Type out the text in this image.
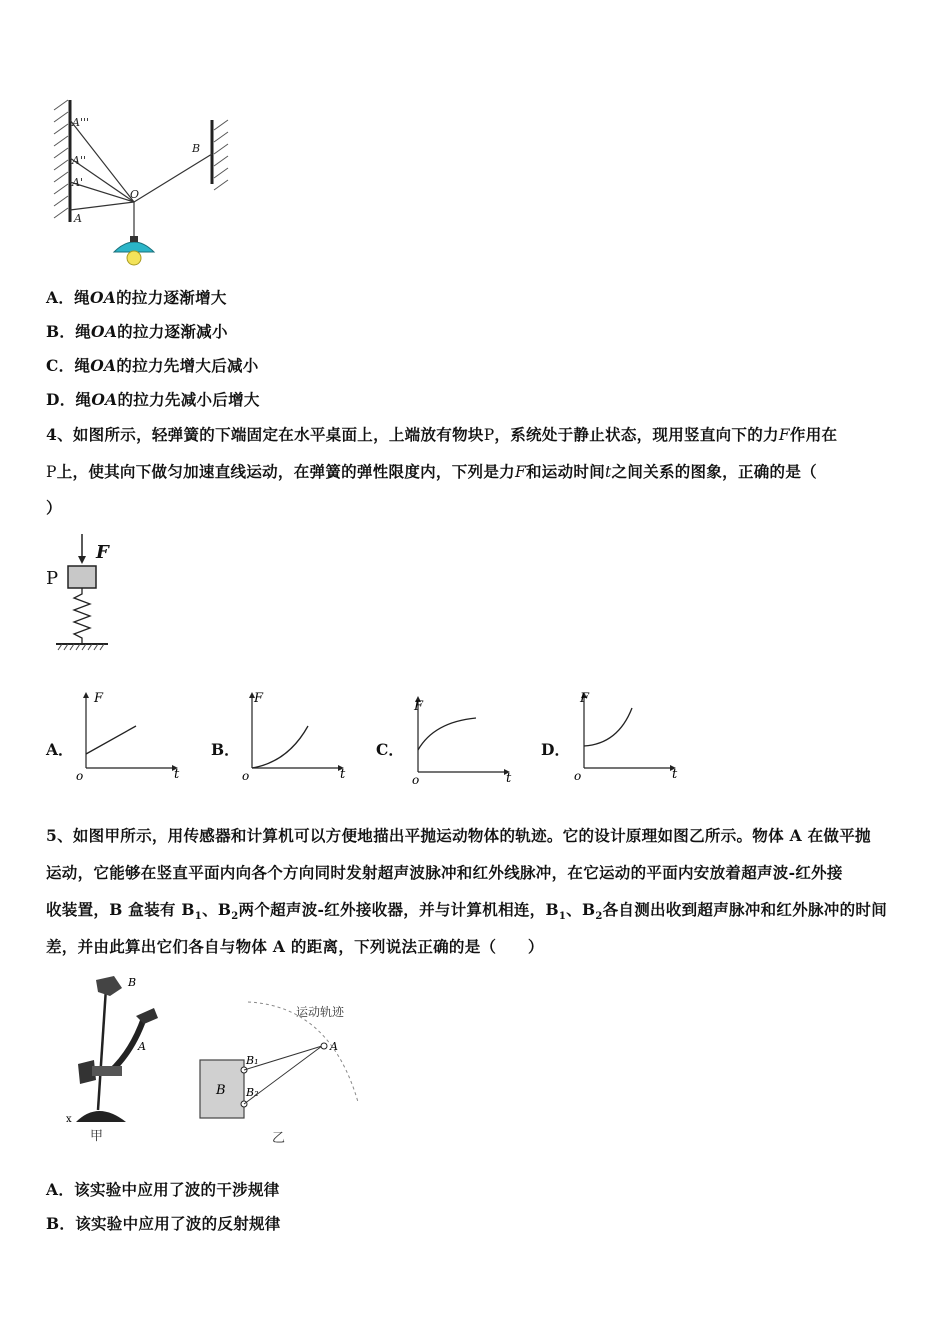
A'''
A''
A'
A
O
B
A．绳OA的拉力逐渐增大
B．绳OA的拉力逐渐减小
C．绳OA的拉力先增大后减小
D．绳OA的拉力先减小后增大
4、如图所示，轻弹簧的下端固定在水平桌面上，上端放有物块P，系统处于静止状态，现用竖直向下的力F作用在
P上，使其向下做匀加速直线运动，在弹簧的弹性限度内，下列是力F和运动时间t之间关系的图象，正确的是（
）
P
F
A．
F
t
o
B．
F
t
o
C．
F
t
o
D．
F
t
o
5、如图甲所示，用传感器和计算机可以方便地描出平抛运动物体的轨迹。它的设计原理如图乙所示。物体 A 在做平抛
运动，它能够在竖直平面内向各个方向同时发射超声波脉冲和红外线脉冲，在它运动的平面内安放着超声波-红外接
收装置，B 盒装有 $B_1$、$B_2$两个超声波-红外接收器，并与计算机相连，$B_1$、$B_2$各自测出收到超声脉冲和红外脉冲的时间
差，并由此算出它们各自与物体 A 的距离，下列说法正确的是（　　）
B
A
x
甲
运动轨迹
B
B₁
B₂
A
乙
A．该实验中应用了波的干涉规律
B．该实验中应用了波的反射规律
